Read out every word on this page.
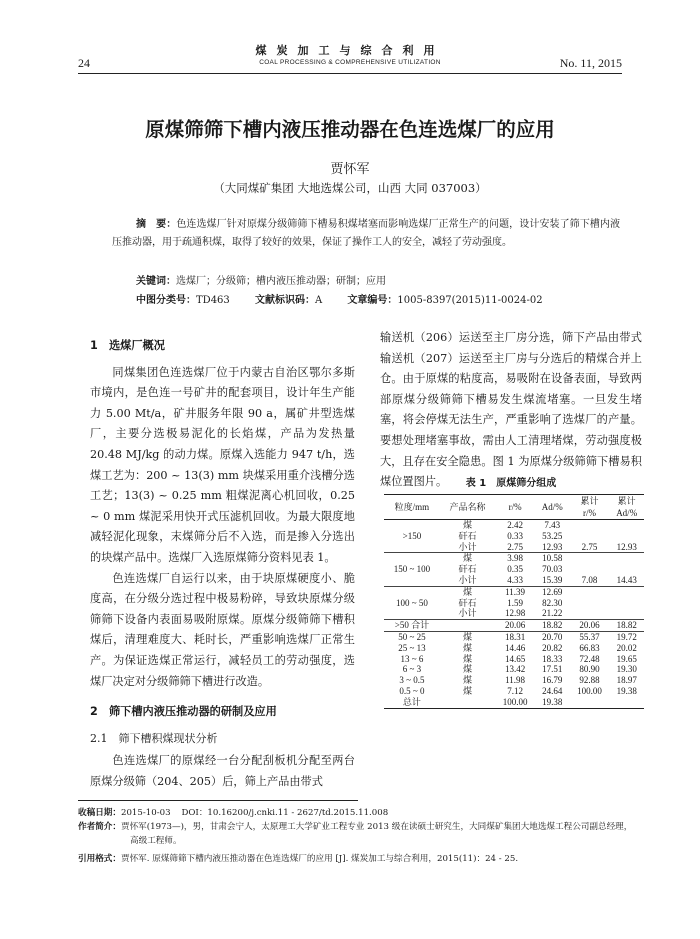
煤炭加工与综合利用
COAL PROCESSING & COMPREHENSIVE UTILIZATION
24	No. 11, 2015
原煤筛筛下槽内液压推动器在色连选煤厂的应用
贾怀军
（大同煤矿集团 大地选煤公司，山西 大同 037003）
摘　要：色连选煤厂针对原煤分级筛筛下槽易积煤堵塞而影响选煤厂正常生产的问题，设计安装了筛下槽内液压推动器，用于疏通积煤，取得了较好的效果，保证了操作工人的安全，减轻了劳动强度。
关键词：选煤厂；分级筛；槽内液压推动器；研制；应用
中图分类号：TD463	文献标识码：A	文章编号：1005-8397(2015)11-0024-02
1　选煤厂概况

同煤集团色连选煤厂位于内蒙古自治区鄂尔多斯市境内，是色连一号矿井的配套项目，设计年生产能力 5.00 Mt/a，矿井服务年限 90 a，属矿井型选煤厂，主要分选极易泥化的长焰煤，产品为发热量 20.48 MJ/kg 的动力煤。原煤入选能力 947 t/h，选煤工艺为：200 ~ 13(3) mm 块煤采用重介浅槽分选工艺；13(3) ~ 0.25 mm 粗煤泥离心机回收，0.25 ~ 0 mm 煤泥采用快开式压滤机回收。为最大限度地减轻泥化现象，末煤筛分后不入选，而是掺入分选出的块煤产品中。选煤厂入选原煤筛分资料见表 1。

色连选煤厂自运行以来，由于块原煤硬度小、脆度高，在分级分选过程中极易粉碎，导致块原煤分级筛筛下设备内表面易吸附原煤。原煤分级筛筛下槽积煤后，清理难度大、耗时长，严重影响选煤厂正常生产。为保证选煤正常运行，减轻员工的劳动强度，选煤厂决定对分级筛筛下槽进行改造。

2　筛下槽内液压推动器的研制及应用
2.1　筛下槽积煤现状分析

色连选煤厂的原煤经一台分配刮板机分配至两台原煤分级筛（204、205）后，筛上产品由带式

输送机（206）运送至主厂房分选，筛下产品由带式输送机（207）运送至主厂房与分选后的精煤合并上仓。由于原煤的粘度高，易吸附在设备表面，导致两部原煤分级筛筛下槽易发生煤流堵塞。一旦发生堵塞，将会停煤无法生产，严重影响了选煤厂的产量。要想处理堵塞事故，需由人工清理堵煤，劳动强度极大，且存在安全隐患。图 1 为原煤分级筛筛下槽易积煤位置图片。	表 1　原煤筛分组成
粒度/mm	产品名称	r/%	Ad/%	累计
r/%	累计
Ad/%
	煤	2.42	7.43		
>150	矸石	0.33	53.25		
	小计	2.75	12.93	2.75	12.93
	煤	3.98	10.58		
150 ~ 100	矸石	0.35	70.03		
	小计	4.33	15.39	7.08	14.43
	煤	11.39	12.69		
100 ~ 50	矸石	1.59	82.30		
	小计	12.98	21.22		
>50 合计		20.06	18.82	20.06	18.82
50 ~ 25	煤	18.31	20.70	55.37	19.72
25 ~ 13	煤	14.46	20.82	66.83	20.02
13 ~ 6	煤	14.65	18.33	72.48	19.65
6 ~ 3	煤	13.42	17.51	80.90	19.30
3 ~ 0.5	煤	11.98	16.79	92.88	18.97
0.5 ~ 0	煤	7.12	24.64	100.00	19.38
总计		100.00	19.38		
收稿日期：2015-10-03 DOI：10.16200/j.cnki.11 - 2627/td.2015.11.008
作者简介：贾怀军(1973—)，男，甘肃会宁人，太原理工大学矿业工程专业 2013 级在读硕士研究生，大同煤矿集团大地选煤工程公司副总经理，高级工程师。
引用格式：贾怀军. 原煤筛筛下槽内液压推动器在色连选煤厂的应用 [J]. 煤炭加工与综合利用，2015(11)：24 - 25.
